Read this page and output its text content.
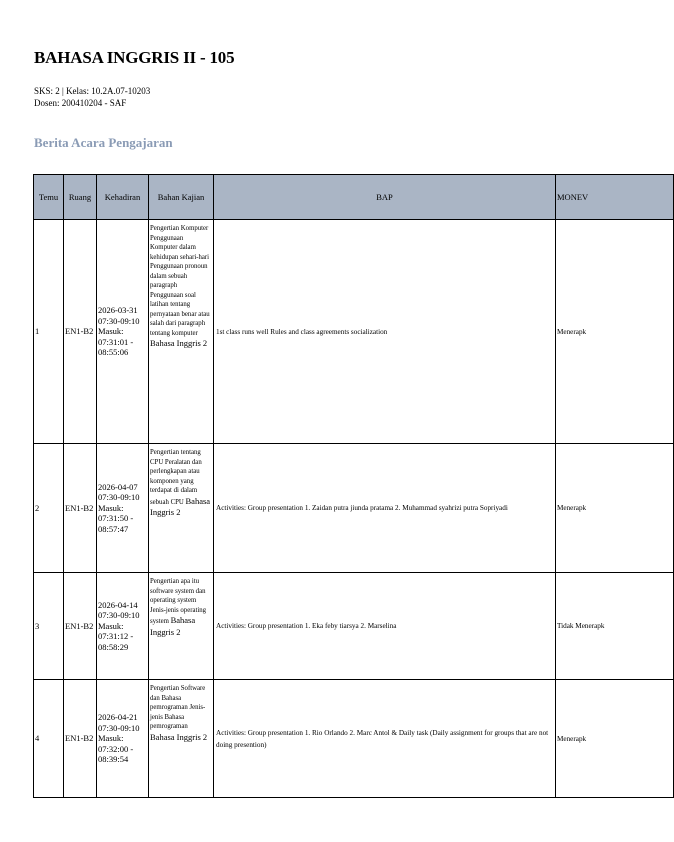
BAHASA INGGRIS II - 105
SKS: 2 | Kelas: 10.2A.07-10203
Dosen: 200410204 - SAF
Berita Acara Pengajaran
Temu	Ruang	Kehadiran	Bahan Kajian	BAP	MONEV
1	EN1-B2	2026-03-31 07:30-09:10 Masuk: 07:31:01 - 08:55:06	Pengertian Komputer Penggunaan Komputer dalam kehidupan sehari-hari Penggunaan pronoun dalam sebuah paragraph Penggunaan soal latihan tentang pernyataan benar atau salah dari paragraph tentang komputer Bahasa Inggris 2	1st class runs well Rules and class agreements socialization	Menerapk
2	EN1-B2	2026-04-07 07:30-09:10 Masuk: 07:31:50 - 08:57:47	Pengertian tentang CPU Peralatan dan perlengkapan atau komponen yang terdapat di dalam sebuah CPU Bahasa Inggris 2	Activities: Group presentation 1. Zaidan putra jiunda pratama 2. Muhammad syahrizi putra Sopriyadi	Menerapk
3	EN1-B2	2026-04-14 07:30-09:10 Masuk: 07:31:12 - 08:58:29	Pengertian apa itu software system dan operating system Jenis-jenis operating system Bahasa Inggris 2	Activities: Group presentation 1. Eka feby tiarsya 2. Marselina	Tidak Menerapk
4	EN1-B2	2026-04-21 07:30-09:10 Masuk: 07:32:00 - 08:39:54	Pengertian Software dan Bahasa pemrograman Jenis-jenis Bahasa pemrograman Bahasa Inggris 2	Activities: Group presentation 1. Rio Orlando 2. Marc Antol & Daily task (Daily assignment for groups that are not doing presention)	Menerapk
